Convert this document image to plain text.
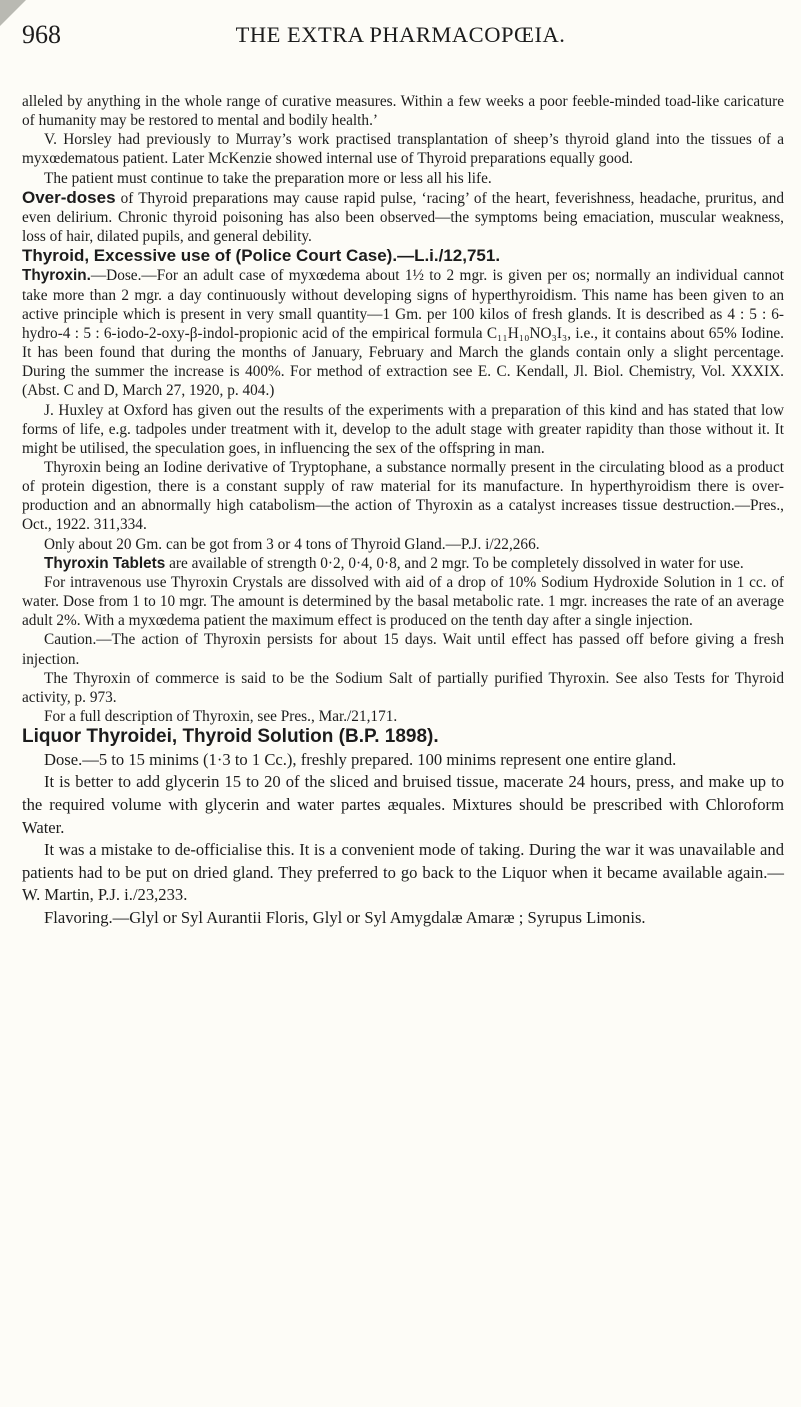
968	THE EXTRA PHARMACOPŒIA.

alleled by anything in the whole range of curative measures. Within a few weeks a poor feeble-minded toad-like caricature of humanity may be restored to mental and bodily health.’

V. Horsley had previously to Murray’s work practised transplantation of sheep’s thyroid gland into the tissues of a myxœdematous patient. Later McKenzie showed internal use of Thyroid preparations equally good.

The patient must continue to take the preparation more or less all his life.

Over-doses of Thyroid preparations may cause rapid pulse, ‘racing’ of the heart, feverishness, headache, pruritus, and even delirium. Chronic thyroid poisoning has also been observed—the symptoms being emaciation, muscular weakness, loss of hair, dilated pupils, and general debility.

Thyroid, Excessive use of (Police Court Case).—L.i./12,751.

Thyroxin.—Dose.—For an adult case of myxœdema about 1½ to 2 mgr. is given per os; normally an individual cannot take more than 2 mgr. a day continuously without developing signs of hyperthyroidism. This name has been given to an active principle which is present in very small quantity—1 Gm. per 100 kilos of fresh glands. It is described as 4 : 5 : 6-hydro-4 : 5 : 6-iodo-2-oxy-β-indol-propionic acid of the empirical formula C₁₁H₁₀NO₃I₃, i.e., it contains about 65% Iodine. It has been found that during the months of January, February and March the glands contain only a slight percentage. During the summer the increase is 400%. For method of extraction see E. C. Kendall, Jl. Biol. Chemistry, Vol. XXXIX. (Abst. C and D, March 27, 1920, p. 404.)

J. Huxley at Oxford has given out the results of the experiments with a preparation of this kind and has stated that low forms of life, e.g. tadpoles under treatment with it, develop to the adult stage with greater rapidity than those without it. It might be utilised, the speculation goes, in influencing the sex of the offspring in man.

Thyroxin being an Iodine derivative of Tryptophane, a substance normally present in the circulating blood as a product of protein digestion, there is a constant supply of raw material for its manufacture. In hyperthyroidism there is over-production and an abnormally high catabolism—the action of Thyroxin as a catalyst increases tissue destruction.—Pres., Oct., 1922. 311,334.

Only about 20 Gm. can be got from 3 or 4 tons of Thyroid Gland.—P.J. i/22,266.

Thyroxin Tablets are available of strength 0·2, 0·4, 0·8, and 2 mgr. To be completely dissolved in water for use.

For intravenous use Thyroxin Crystals are dissolved with aid of a drop of 10% Sodium Hydroxide Solution in 1 cc. of water. Dose from 1 to 10 mgr. The amount is determined by the basal metabolic rate. 1 mgr. increases the rate of an average adult 2%. With a myxœdema patient the maximum effect is produced on the tenth day after a single injection.

Caution.—The action of Thyroxin persists for about 15 days. Wait until effect has passed off before giving a fresh injection.

The Thyroxin of commerce is said to be the Sodium Salt of partially purified Thyroxin. See also Tests for Thyroid activity, p. 973.

For a full description of Thyroxin, see Pres., Mar./21,171.

Liquor Thyroidei, Thyroid Solution (B.P. 1898).

Dose.—5 to 15 minims (1·3 to 1 Cc.), freshly prepared. 100 minims represent one entire gland.

It is better to add glycerin 15 to 20 of the sliced and bruised tissue, macerate 24 hours, press, and make up to the required volume with glycerin and water partes æquales. Mixtures should be prescribed with Chloroform Water.

It was a mistake to de-officialise this. It is a convenient mode of taking. During the war it was unavailable and patients had to be put on dried gland. They preferred to go back to the Liquor when it became available again.—W. Martin, P.J. i./23,233.

Flavoring.—Glyl or Syl Aurantii Floris, Glyl or Syl Amygdalæ Amaræ ; Syrupus Limonis.
